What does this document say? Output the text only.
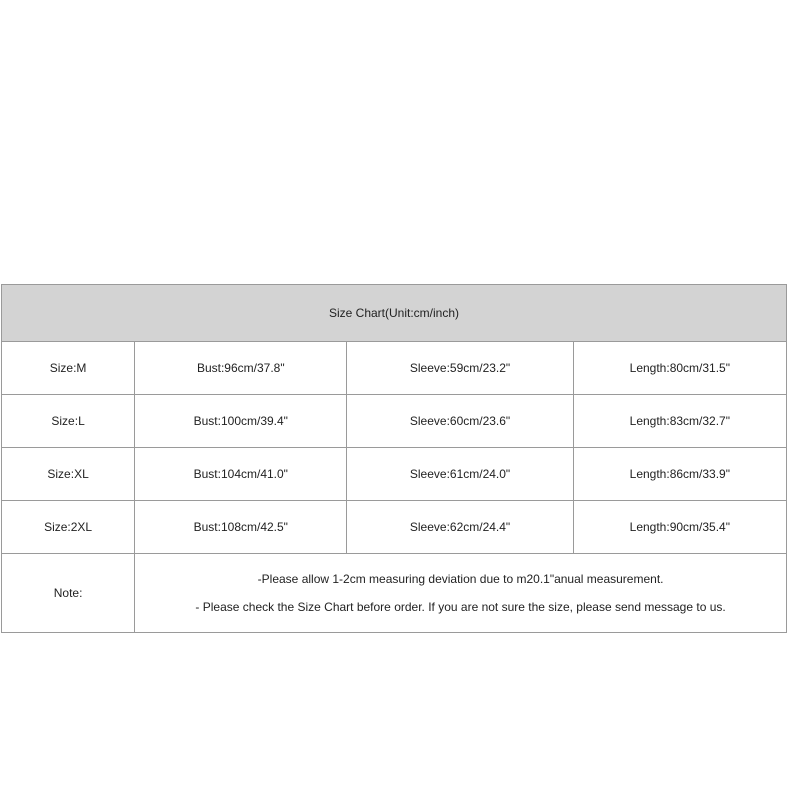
Size Chart(Unit:cm/inch)			
Size:M	Bust:96cm/37.8"	Sleeve:59cm/23.2"	Length:80cm/31.5"
Size:L	Bust:100cm/39.4"	Sleeve:60cm/23.6"	Length:83cm/32.7"
Size:XL	Bust:104cm/41.0"	Sleeve:61cm/24.0"	Length:86cm/33.9"
Size:2XL	Bust:108cm/42.5"	Sleeve:62cm/24.4"	Length:90cm/35.4"
Note:	-Please allow 1-2cm measuring deviation due to m20.1"anual measurement.
- Please check the Size Chart before order. If you are not sure the size, please send message to us.		
